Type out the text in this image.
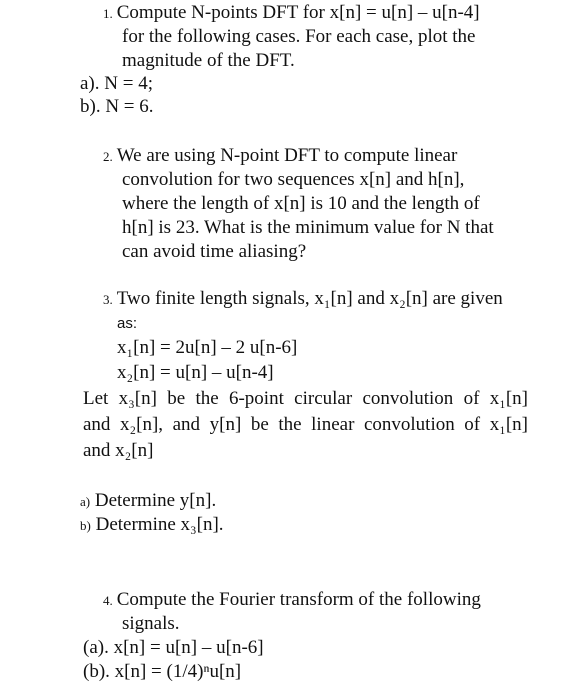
1. Compute N-points DFT for x[n] = u[n] – u[n-4]
for the following cases. For each case, plot the
magnitude of the DFT.
a). N = 4;
b). N = 6.
2. We are using N-point DFT to compute linear
convolution for two sequences x[n] and h[n],
where the length of x[n] is 10 and the length of
h[n] is 23. What is the minimum value for N that
can avoid time aliasing?
3. Two finite length signals, x₁[n] and x₂[n] are given
as:
x₁[n] = 2u[n] – 2 u[n-6]
x₂[n] = u[n] – u[n-4]
Let x₃[n] be the 6-point circular convolution of x₁[n]
and x₂[n], and y[n] be the linear convolution of x₁[n]
and x₂[n]
a) Determine y[n].
b) Determine x₃[n].
4. Compute the Fourier transform of the following
signals.
(a). x[n] = u[n] – u[n-6]
(b). x[n] = (1/4)ⁿu[n]
